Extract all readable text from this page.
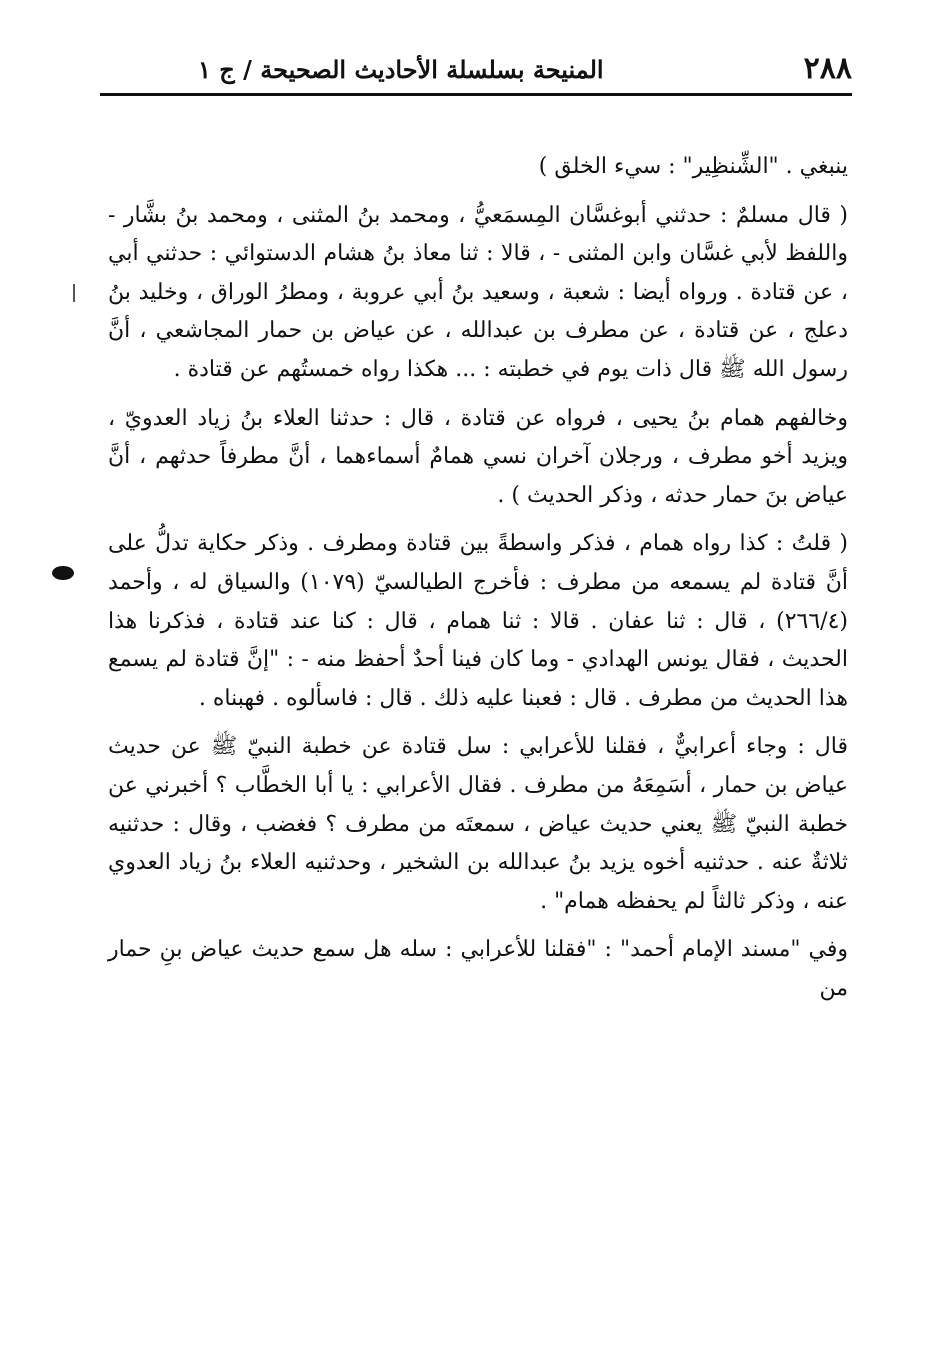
٢٨٨
المنيحة بسلسلة الأحاديث الصحيحة / ج ١

ينبغي . "الشِّنظِير" : سيء الخلق )

( قال مسلمٌ : حدثني أبوغسَّان المِسمَعيُّ ، ومحمد بنُ المثنى ، ومحمد بنُ بشَّار - واللفظ لأبي غسَّان وابن المثنى - ، قالا : ثنا معاذ بنُ هشام الدستوائي : حدثني أبي ، عن قتادة . ورواه أيضا : شعبة ، وسعيد بنُ أبي عروبة ، ومطرُ الوراق ، وخليد بنُ دعلج ، عن قتادة ، عن مطرف بن عبدالله ، عن عياض بن حمار المجاشعي ، أنَّ رسول الله ﷺ قال ذات يوم في خطبته : ... هكذا رواه خمستُهم عن قتادة .

وخالفهم همام بنُ يحيى ، فرواه عن قتادة ، قال : حدثنا العلاء بنُ زياد العدويّ ، ويزيد أخو مطرف ، ورجلان آخران نسي همامٌ أسماءهما ، أنَّ مطرفاً حدثهم ، أنَّ عياض بنَ حمار حدثه ، وذكر الحديث ) .

( قلتُ : كذا رواه همام ، فذكر واسطةً بين قتادة ومطرف . وذكر حكاية تدلُّ على أنَّ قتادة لم يسمعه من مطرف : فأخرج الطيالسيّ (١٠٧٩) والسياق له ، وأحمد (٢٦٦/٤) ، قال : ثنا عفان . قالا : ثنا همام ، قال : كنا عند قتادة ، فذكرنا هذا الحديث ، فقال يونس الهدادي - وما كان فينا أحدٌ أحفظ منه - : "إنَّ قتادة لم يسمع هذا الحديث من مطرف . قال : فعبنا عليه ذلك . قال : فاسألوه . فهبناه .

قال : وجاء أعرابيٌّ ، فقلنا للأعرابي : سل قتادة عن خطبة النبيّ ﷺ عن حديث عياض بن حمار ، أسَمِعَهُ من مطرف . فقال الأعرابي : يا أبا الخطَّاب ؟ أخبرني عن خطبة النبيّ ﷺ يعني حديث عياض ، سمعتَه من مطرف ؟ فغضب ، وقال : حدثنيه ثلاثةٌ عنه . حدثنيه أخوه يزيد بنُ عبدالله بن الشخير ، وحدثنيه العلاء بنُ زياد العدوي عنه ، وذكر ثالثاً لم يحفظه همام" .

وفي "مسند الإمام أحمد" : "فقلنا للأعرابي : سله هل سمع حديث عياض بنِ حمار من
